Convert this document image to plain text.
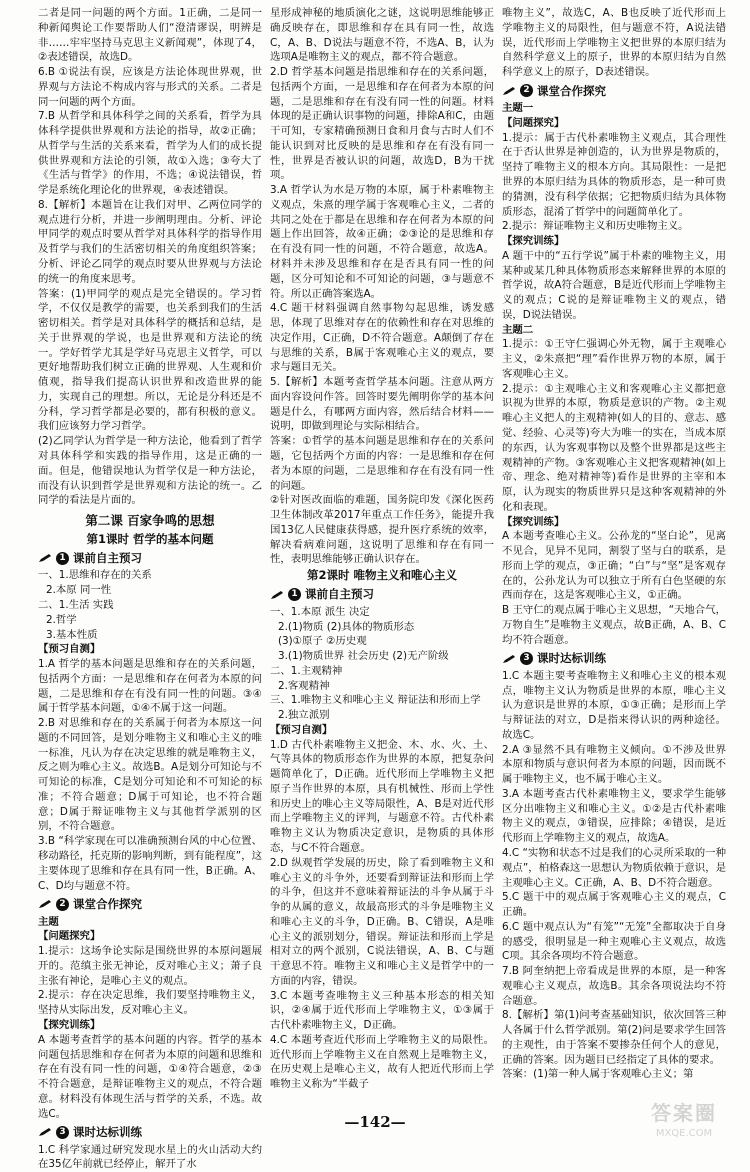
二者是同一问题的两个方面。1正确，二是同一种新闻舆论工作要帮助人们“澄清谬误，明辨是非……牢牢坚持马克思主义新闻观”，体现了4，②表述错误，故选D。

6.B ①说法有误，应该是方法论体现世界观，世界观与方法论不构成内容与形式的关系。二者是同一问题的两个方面。

7.B 从哲学和具体科学之间的关系看，哲学为具体科学提供世界观和方法论的指导，故②正确；从哲学与生活的关系来看，哲学为人们的成长提供世界观和方法论的引领，故①入选；③夸大了《生活与哲学》的作用，不选；④说法错误，哲学是系统化理论化的世界观，④表述错误。

8.【解析】本题旨在让我们对甲、乙两位同学的观点进行分析，并进一步阐明理由。分析、评论甲同学的观点时要从哲学对具体科学的指导作用及哲学与我们的生活密切相关的角度组织答案；分析、评论乙同学的观点时要从世界观与方法论的统一的角度来思考。

答案：(1)甲同学的观点是完全错误的。学习哲学，不仅仅是教学的需要，也关系到我们的生活密切相关。哲学是对具体科学的概括和总结，是关于世界观的学说，也是世界观和方法论的统一。学好哲学尤其是学好马克思主义哲学，可以更好地帮助我们树立正确的世界观、人生观和价值观，指导我们提高认识世界和改造世界的能力，实现自己的理想。所以，无论是分科还是不分科，学习哲学都是必要的，都有积极的意义。我们应该努力学习哲学。

(2)乙同学认为哲学是一种方法论，他看到了哲学对具体科学和实践的指导作用，这是正确的一面。但是，他错误地认为哲学仅是一种方法论，而没有认识到哲学是世界观和方法论的统一。乙同学的看法是片面的。

第二课 百家争鸣的思想
第1课时 哲学的基本问题
1 课前自主预习

一、1.思维和存在的关系

2.本原 同一性

二、1.生活 实践

2.哲学

3.基本性质

【预习自测】

1.A 哲学的基本问题是思维和存在的关系问题，包括两个方面：一是思维和存在何者为本原的问题，二是思维和存在有没有同一性的问题。③④ 属于哲学基本问题，①④不属于这一问题。

2.B 对思维和存在的关系属于何者为本原这一问题的不同回答，是划分唯物主义和唯心主义的唯一标准，凡认为存在决定思维的就是唯物主义，反之则为唯心主义。故选B。A是划分可知论与不可知论的标准，C是划分可知论和不可知论的标准；不符合题意；D属于可知论，也不符合题意；D属于辩证唯物主义与其他哲学派别的区别，不符合题意。

3.B “科学家现在可以准确预测台风的中心位置、移动路径，托克斯的影响判断，到有能程度”，这主要体现了思维和存在具有同一性，B正确。A、C、D均与题意不符。

2 课堂合作探究

主题

【问题探究】

1.提示：这场争论实际是围绕世界的本原问题展开的。范缜主张无神论，反对唯心主义；萧子良主张有神论，是唯心主义的观点。

2.提示：存在决定思维，我们要坚持唯物主义，坚持从实际出发，反对唯心主义。

【探究训练】

A 本题考查哲学的基本问题的内容。哲学的基本问题包括思维和存在何者为本原的问题和思维和存在有没有同一性的问题，①④符合题意，②③不符合题意，是辩证唯物主义的观点，不符合题意。材料没有体现生活与哲学的关系，不选。故选C。

3 课时达标训练

1.C 科学家通过研究发现水星上的火山活动大约在35亿年前就已经停止，解开了水

星形成神秘的地质演化之谜，这说明思维能够正确反映存在，即思维和存在具有同一性，故选C，A、B、D说法与题意不符，不选A、B，认为选项A是唯物主义的观点，都不符合题意。

2.D 哲学基本问题是指思维和存在的关系问题，包括两个方面，一是思维和存在何者为本原的问题，二是思维和存在有没有同一性的问题。材料体现的是正确认识事物的问题，排除A和C，由题干可知，专家精确预测日食和月食与古时人们不能认识到对比反映的是思维和存在有没有同一性，世界是否被认识的问题，故选D，B为干扰项。

3.A 哲学认为水是万物的本原，属于朴素唯物主义观点，朱熹的理学属于客观唯心主义，二者的共同之处在于都是在思维和存在何者为本原的问题上作出回答，故④正确；②③论的是思维和存在有没有同一性的问题，不符合题意，故选A。材料并未涉及思维和存在是否具有同一性的问题，区分可知论和不可知论的问题，③与题意不符。所以正确答案选A。

4.C 题干材料强调自然事物勾起思维，诱发感思，体现了思维对存在的依赖性和存在对思维的决定作用，C正确，D不符合题意。A颠倒了存在与思维的关系，B属于客观唯心主义的观点，要求与题目无关。

5.【解析】本题考查哲学基本问题。注意从两方面内容设问作答。回答时要先阐明你学的基本问题是什么，有哪两方面内容，然后结合材料——说明，即做到理论与实际相结合。

答案：①哲学的基本问题是思维和存在的关系问题，它包括两个方面的内容：一是思维和存在何者为本原的问题，二是思维和存在有没有同一性的问题。

②针对医改面临的难题，国务院印发《深化医药卫生体制改革2017年重点工作任务》，能提升我国13亿人民健康获得感，提升医疗系统的效率，解决看病难问题，这说明了思维和存在有同一性，表明思维能够正确认识存在。

第2课时 唯物主义和唯心主义
1 课前自主预习

一、1.本原 派生 决定

2.(1)物质 (2)具体的物质形态

(3)①原子 ②历史观

3.(1)物质世界 社会历史 (2)无产阶级

二、1.主观精神

2.客观精神

三、1.唯物主义和唯心主义 辩证法和形而上学

2.独立派别

【预习自测】

1.D 古代朴素唯物主义把金、木、水、火、土、气等具体的物质形态作为世界的本原，把复杂问题简单化了，D正确。近代形而上学唯物主义把原子当作世界的本原，具有机械性、形而上学性和历史上的唯心主义等局限性，A、B是对近代形而上学唯物主义的评判，与题意不符。古代朴素唯物主义认为物质决定意识，是物质的具体形态，与C不符合题意。

2.D 纵观哲学发展的历史，除了看到唯物主义和唯心主义的斗争外，还要看到辩证法和形而上学的斗争，但这并不意味着辩证法的斗争从属于斗争的从属的意义，故最高形式的斗争是唯物主义和唯心主义的斗争，D正确。B、C错误，A是唯心主义的派别划分，错误。辩证法和形而上学是相对立的两个派别，C说法错误，A、B、C与题干意思不符。唯物主义和唯心主义是哲学中的一方面的内容，错误。

3.C 本题考查唯物主义三种基本形态的相关知识，②④属于近代形而上学唯物主义，①③属于古代朴素唯物主义，D正确。

4.C 本题考查近代形而上学唯物主义的局限性。近代形而上学唯物主义在自然观上是唯物主义，在历史观上是唯心主义，故有人把近代形而上学唯物主义称为“半截子

唯物主义”，故选C，A、B也反映了近代形而上学唯物主义的局限性，但与题意不符，A说法错误，近代形而上学唯物主义把世界的本原归结为自然科学意义上的原子，世界的本原归结为自然科学意义上的原子，D表述错误。

2 课堂合作探究

主题一

【问题探究】

1.提示：属于古代朴素唯物主义观点，其合理性在于否认世界是神创造的，认为世界是物质的，坚持了唯物主义的根本方向。其局限性：一是把世界的本原归结为具体的物质形态，是一种可贵的猜测，没有科学依据；它把物质归结为具体物质形态，混淆了哲学中的问题简单化了。

2.提示：辩证唯物主义和历史唯物主义。

【探究训练】

A 题干中的“五行学说”属于朴素的唯物主义，用某种或某几种具体物质形态来解释世界的本原的哲学说，故A符合题意，B是近代形而上学唯物主义的观点；C说的是辩证唯物主义的观点，错误，D说法错误。

主题二

1.提示：①王守仁强调心外无物，属于主观唯心主义，②朱熹把“理”看作世界万物的本原，属于客观唯心主义。

2.提示：①主观唯心主义和客观唯心主义都把意识视为世界的本原，物质是意识的产物。②主观唯心主义把人的主观精神(如人的目的、意志、感觉、经验、心灵等)夸大为唯一的实在，当成本原的东西，认为客观事物以及整个世界都是这些主观精神的产物。③客观唯心主义把客观精神(如上帝、理念、绝对精神等)看作是世界的主宰和本原，认为现实的物质世界只是这种客观精神的外化和表现。

【探究训练】

A 本题考查唯心主义。公孙龙的“坚白论”，见离不见合，见异不见同，割裂了坚与白的联系，是形而上学的观点，③正确；“白”与“坚”是客观存在的，公孙龙认为可以独立于所有白色坚硬的东西而存在，这是客观唯心主义，①正确。

B 王守仁的观点属于唯心主义思想，“天地合气，万物自生”是唯物主义观点，故B正确，A、B、C均不符合题意。

3 课时达标训练

1.C 本题主要考查唯物主义和唯心主义的根本观点，唯物主义认为物质是世界的本原，唯心主义认为意识是世界的本原，①③正确；是形而上学与辩证法的对立，D是指来得认识的两种途径。故选C。

2.A ③显然不具有唯物主义倾向。①不涉及世界本原和物质与意识何者为本原的问题，因而既不属于唯物主义，也不属于唯心主义。

3.A 本题考查古代朴素唯物主义，要求学生能够区分出唯物主义和唯心主义。①②是古代朴素唯物主义的观点，③错误，应排除；④错误，是近代形而上学唯物主义的观点，故选A。

4.C “实物和状态不过是我们的心灵所采取的一种观点”，柏格森这一思想认为物质依赖于意识，是主观唯心主义。C正确，A、B、D不符合题意。

5.C 题干中的观点属于客观唯心主义的观点，C正确。

6.C 题中观点认为“有笼”“无笼”全都取决于自身的感受，很明显是一种主观唯心主义观点，故选C项。其余各项均不符合题意。

7.B 阿奎纳把上帝看成是世界的本原，是一种客观唯心主义观点，故选B。其余各项说法均不符合题意。

8.【解析】第(1)问考查基础知识，依次回答三种人各属于什么哲学派别。第(2)问是要求学生回答的主观性，由于答案不要掺杂任何个人的意见，正确的答案。因为题目已经指定了具体的要求。

答案：(1)第一种人属于客观唯心主义；第

—142—	答案圈
MXQE.COM
